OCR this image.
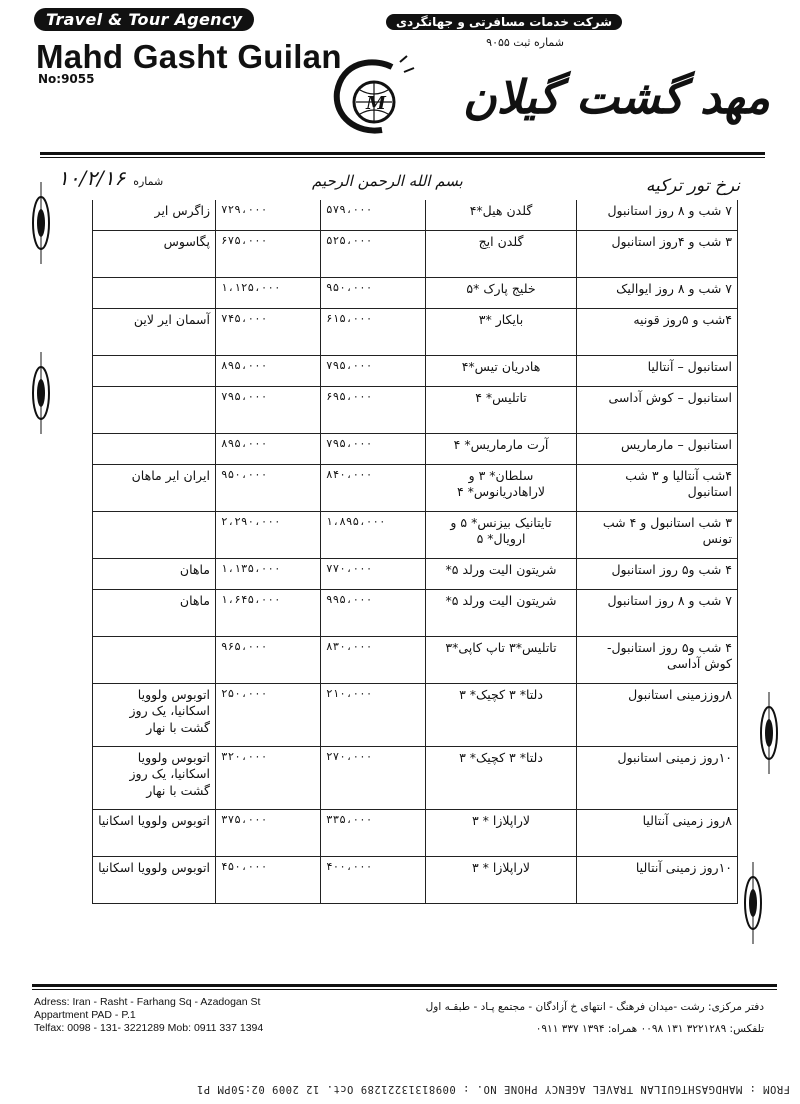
Travel & Tour Agency
Mahd Gasht Guilan
No:9055
شرکت خدمات مسافرتی و جهانگردی
شماره ثبت ۹۰۵۵
مهد گشت گیلان
M
شماره
۱۰/۲/۱۶	بسم الله الرحمن الرحیم	نرخ تور ترکیه
۷ شب و ۸ روز استانبول	گلدن هیل*۴	۵۷۹،۰۰۰	۷۲۹،۰۰۰	زاگرس ایر
۳ شب و ۴روز استانبول	گلدن ایج	۵۲۵،۰۰۰	۶۷۵،۰۰۰	پگاسوس
۷ شب و ۸ روز ایوالیک	خلیج پارک *۵	۹۵۰،۰۰۰	۱،۱۲۵،۰۰۰	
۴شب و ۵روز قونیه	بایکار *۳	۶۱۵،۰۰۰	۷۴۵،۰۰۰	آسمان ایر لاین
استانبول – آنتالیا	هادریان تیس*۴	۷۹۵،۰۰۰	۸۹۵،۰۰۰	
استانبول – کوش آداسی	تاتلیس* ۴	۶۹۵،۰۰۰	۷۹۵،۰۰۰	
استانبول – مارماریس	آرت مارماریس* ۴	۷۹۵،۰۰۰	۸۹۵،۰۰۰	
۴شب آنتالیا و ۳ شب استانبول	سلطان* ۳ و لاراهادریانوس* ۴	۸۴۰،۰۰۰	۹۵۰،۰۰۰	ایران ایر ماهان
۳ شب استانبول و ۴ شب تونس	تایتانیک بیزنس* ۵ و ارویال* ۵	۱،۸۹۵،۰۰۰	۲،۲۹۰،۰۰۰	
۴ شب و۵ روز استانبول	شریتون الیت ورلد ۵*	۷۷۰،۰۰۰	۱،۱۳۵،۰۰۰	ماهان
۷ شب و ۸ روز استانبول	شریتون الیت ورلد ۵*	۹۹۵،۰۰۰	۱،۶۴۵،۰۰۰	ماهان
۴ شب و۵ روز استانبول- کوش آداسی	تاتلیس*۳ تاپ کاپی*۳	۸۳۰،۰۰۰	۹۶۵،۰۰۰	
۸روززمینی استانبول	دلتا* ۳ کچیک* ۳	۲۱۰،۰۰۰	۲۵۰،۰۰۰	اتوبوس ولوویا اسکانیا، یک روز گشت با نهار
۱۰روز زمینی استانبول	دلتا* ۳ کچیک* ۳	۲۷۰،۰۰۰	۳۲۰،۰۰۰	اتوبوس ولوویا اسکانیا، یک روز گشت با نهار
۸روز زمینی آنتالیا	لاراپلازا * ۳	۳۳۵،۰۰۰	۳۷۵،۰۰۰	اتوبوس ولوویا اسکانیا
۱۰روز زمینی آنتالیا	لاراپلازا * ۳	۴۰۰،۰۰۰	۴۵۰،۰۰۰	اتوبوس ولوویا اسکانیا
Adress: Iran - Rasht - Farhang Sq - Azadogan St
Appartment PAD - P.1
Telfax: 0098 - 131- 3221289 Mob: 0911 337 1394
دفتر مرکزی: رشت -میدان فرهنگ - انتهای خ آزادگان - مجتمع پـاد - طبقـه اول
تلفکس: ۳۲۲۱۲۸۹ ۱۳۱ ۰۰۹۸ همراه: ۱۳۹۴ ۳۳۷ ۰۹۱۱
FROM : MAHDGASHTGUILAN TRAVEL AGENCY PHONE NO. : 00981313221289 Oct. 12 2009 02:50PM P1
